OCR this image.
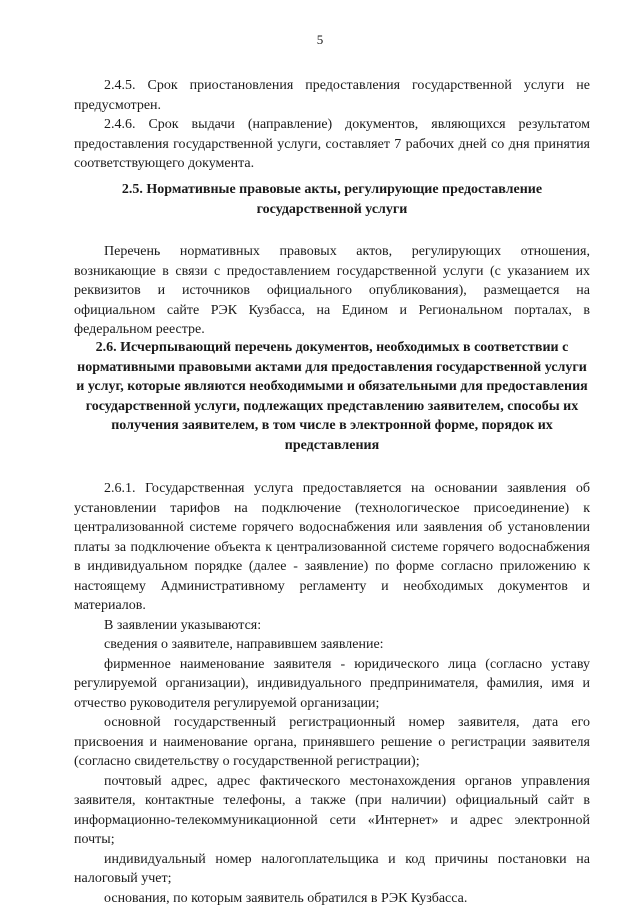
5

2.4.5. Срок приостановления предоставления государственной услуги не предусмотрен.

2.4.6. Срок выдачи (направление) документов, являющихся результатом предоставления государственной услуги, составляет 7 рабочих дней со дня принятия соответствующего документа.

2.5. Нормативные правовые акты, регулирующие предоставление государственной услуги

Перечень нормативных правовых актов, регулирующих отношения, возникающие в связи с предоставлением государственной услуги (с указанием их реквизитов и источников официального опубликования), размещается на официальном сайте РЭК Кузбасса, на Едином и Региональном порталах, в федеральном реестре.

2.6. Исчерпывающий перечень документов, необходимых в соответствии с нормативными правовыми актами для предоставления государственной услуги и услуг, которые являются необходимыми и обязательными для предоставления государственной услуги, подлежащих представлению заявителем, способы их получения заявителем, в том числе в электронной форме, порядок их представления

2.6.1. Государственная услуга предоставляется на основании заявления об установлении тарифов на подключение (технологическое присоединение) к централизованной системе горячего водоснабжения или заявления об установлении платы за подключение объекта к централизованной системе горячего водоснабжения в индивидуальном порядке (далее - заявление) по форме согласно приложению к настоящему Административному регламенту и необходимых документов и материалов.

В заявлении указываются:

сведения о заявителе, направившем заявление:

фирменное наименование заявителя - юридического лица (согласно уставу регулируемой организации), индивидуального предпринимателя, фамилия, имя и отчество руководителя регулируемой организации;

основной государственный регистрационный номер заявителя, дата его присвоения и наименование органа, принявшего решение о регистрации заявителя (согласно свидетельству о государственной регистрации);

почтовый адрес, адрес фактического местонахождения органов управления заявителя, контактные телефоны, а также (при наличии) официальный сайт в информационно-телекоммуникационной сети «Интернет» и адрес электронной почты;

индивидуальный номер налогоплательщика и код причины постановки на налоговый учет;

основания, по которым заявитель обратился в РЭК Кузбасса.
